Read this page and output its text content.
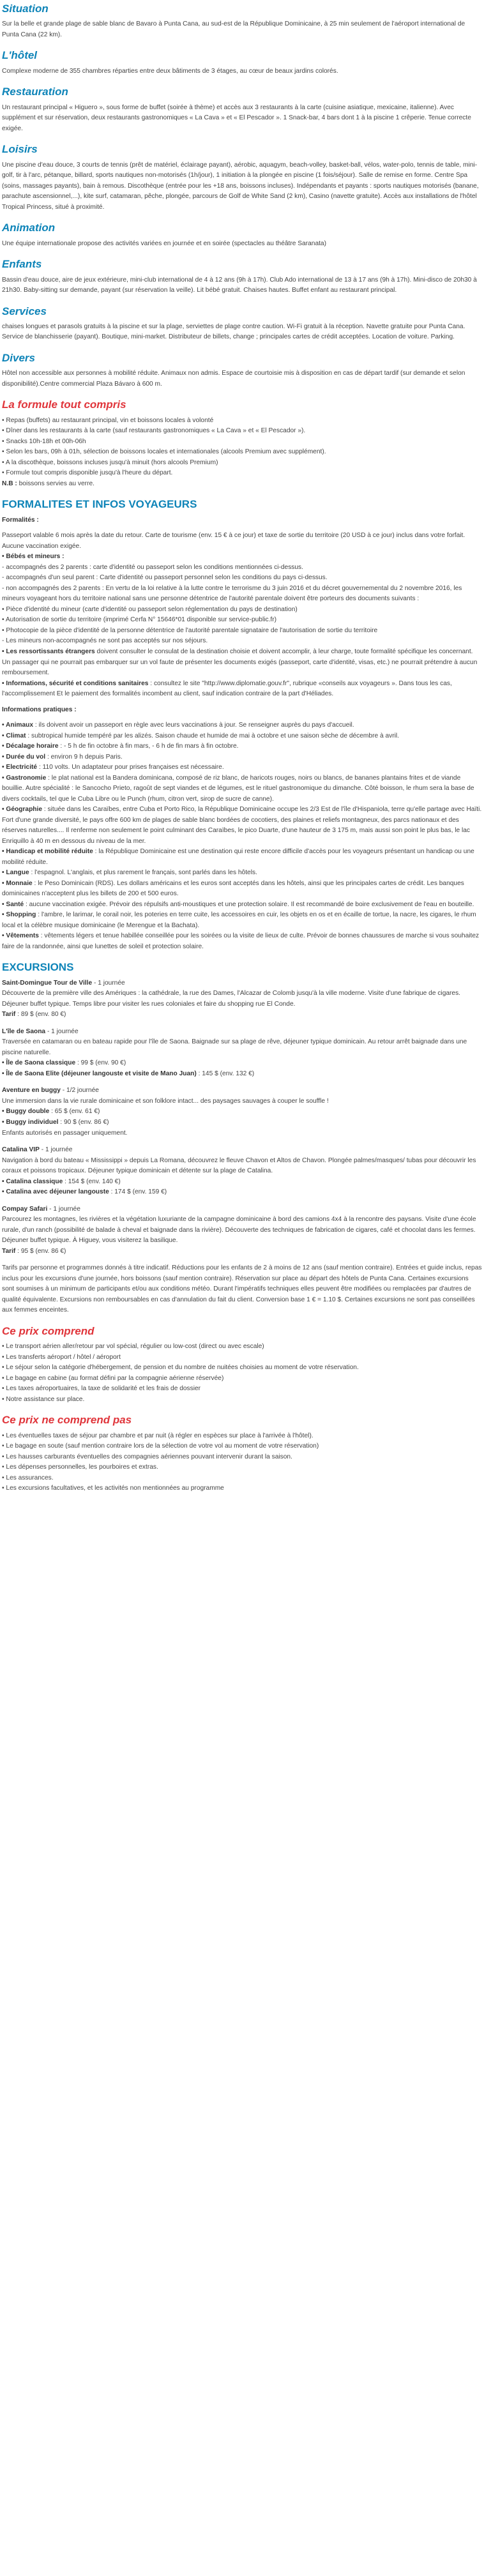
Situation

Sur la belle et grande plage de sable blanc de Bavaro à Punta Cana, au sud-est de la République Dominicaine, à 25 min seulement de l'aéroport international de Punta Cana (22 km).

L'hôtel

Complexe moderne de 355 chambres réparties entre deux bâtiments de 3 étages, au cœur de beaux jardins colorés.

Restauration

Un restaurant principal « Higuero », sous forme de buffet (soirée à thème) et accès aux 3 restaurants à la carte (cuisine asiatique, mexicaine, italienne). Avec supplément et sur réservation, deux restaurants gastronomiques « La Cava » et « El Pescador ». 1 Snack-bar, 4 bars dont 1 à la piscine 1 crêperie. Tenue correcte exigée.

Loisirs

Une piscine d'eau douce, 3 courts de tennis (prêt de matériel, éclairage payant), aérobic, aquagym, beach-volley, basket-ball, vélos, water-polo, tennis de table, mini-golf, tir à l'arc, pétanque, billard, sports nautiques non-motorisés (1h/jour), 1 initiation à la plongée en piscine (1 fois/séjour). Salle de remise en forme. Centre Spa (soins, massages payants), bain à remous. Discothèque (entrée pour les +18 ans, boissons incluses). Indépendants et payants : sports nautiques motorisés (banane, parachute ascensionnel,...), kite surf, catamaran, pêche, plongée, parcours de Golf de White Sand (2 km), Casino (navette gratuite). Accès aux installations de l'hôtel Tropical Princess, situé à proximité.

Animation

Une équipe internationale propose des activités variées en journée et en soirée (spectacles au théâtre Saranata)

Enfants

Bassin d'eau douce, aire de jeux extérieure, mini-club international de 4 à 12 ans (9h à 17h). Club Ado international de 13 à 17 ans (9h à 17h). Mini-disco de 20h30 à 21h30. Baby-sitting sur demande, payant (sur réservation la veille). Lit bébé gratuit. Chaises hautes. Buffet enfant au restaurant principal.

Services

chaises longues et parasols gratuits à la piscine et sur la plage, serviettes de plage contre caution. Wi-Fi gratuit à la réception. Navette gratuite pour Punta Cana. Service de blanchisserie (payant). Boutique, mini-market. Distributeur de billets, change ; principales cartes de crédit acceptées. Location de voiture. Parking.

Divers

Hôtel non accessible aux personnes à mobilité réduite. Animaux non admis. Espace de courtoisie mis à disposition en cas de départ tardif (sur demande et selon disponibilité).Centre commercial Plaza Bávaro à 600 m.

La formule tout compris
• Repas (buffets) au restaurant principal, vin et boissons locales à volonté
• Dîner dans les restaurants à la carte (sauf restaurants gastronomiques « La Cava » et « El Pescador »).
• Snacks 10h-18h et 00h-06h
• Selon les bars, 09h à 01h, sélection de boissons locales et internationales (alcools Premium avec supplément).
• A la discothèque, boissons incluses jusqu'à minuit (hors alcools Premium)
• Formule tout compris disponible jusqu'à l'heure du départ.

N.B : boissons servies au verre.

FORMALITES ET INFOS VOYAGEURS

Formalités :

Passeport valable 6 mois après la date du retour. Carte de tourisme (env. 15 € à ce jour) et taxe de sortie du territoire (20 USD à ce jour) inclus dans votre forfait. Aucune vaccination exigée.
• Bébés et mineurs :
- accompagnés des 2 parents : carte d'identité ou passeport selon les conditions mentionnées ci-dessus.
- accompagnés d'un seul parent : Carte d'identité ou passeport personnel selon les conditions du pays ci-dessus.
- non accompagnés des 2 parents : En vertu de la loi relative à la lutte contre le terrorisme du 3 juin 2016 et du décret gouvernemental du 2 novembre 2016, les mineurs voyageant hors du territoire national sans une personne détentrice de l'autorité parentale doivent être porteurs des documents suivants :
• Pièce d'identité du mineur (carte d'identité ou passeport selon réglementation du pays de destination)
• Autorisation de sortie du territoire (imprimé Cerfa N° 15646*01 disponible sur service-public.fr)
• Photocopie de la pièce d'identité de la personne détentrice de l'autorité parentale signataire de l'autorisation de sortie du territoire
- Les mineurs non-accompagnés ne sont pas acceptés sur nos séjours.
• Les ressortissants étrangers doivent consulter le consulat de la destination choisie et doivent accomplir, à leur charge, toute formalité spécifique les concernant. Un passager qui ne pourrait pas embarquer sur un vol faute de présenter les documents exigés (passeport, carte d'identité, visas, etc.) ne pourrait prétendre à aucun remboursement.
• Informations, sécurité et conditions sanitaires : consultez le site "http://www.diplomatie.gouv.fr", rubrique «conseils aux voyageurs ». Dans tous les cas, l'accomplissement Et le paiement des formalités incombent au client, sauf indication contraire de la part d'Héliades.

Informations pratiques :

• Animaux : ils doivent avoir un passeport en règle avec leurs vaccinations à jour. Se renseigner auprès du pays d'accueil.
• Climat : subtropical humide tempéré par les alizés. Saison chaude et humide de mai à octobre et une saison sèche de décembre à avril.
• Décalage horaire : - 5 h de fin octobre à fin mars, - 6 h de fin mars à fin octobre.
• Durée du vol : environ 9 h depuis Paris.
• Electricité : 110 volts. Un adaptateur pour prises françaises est nécessaire.
• Gastronomie : le plat national est la Bandera dominicana, composé de riz blanc, de haricots rouges, noirs ou blancs, de bananes plantains frites et de viande bouillie. Autre spécialité : le Sancocho Prieto, ragoût de sept viandes et de légumes, est le rituel gastronomique du dimanche. Côté boisson, le rhum sera la base de divers cocktails, tel que le Cuba Libre ou le Punch (rhum, citron vert, sirop de sucre de canne).
• Géographie : située dans les Caraïbes, entre Cuba et Porto Rico, la République Dominicaine occupe les 2/3 Est de l'île d'Hispaniola, terre qu'elle partage avec Haïti. Fort d'une grande diversité, le pays offre 600 km de plages de sable blanc bordées de cocotiers, des plaines et reliefs montagneux, des parcs nationaux et des réserves naturelles.... Il renferme non seulement le point culminant des Caraïbes, le pico Duarte, d'une hauteur de 3 175 m, mais aussi son point le plus bas, le lac Enriquillo à 40 m en dessous du niveau de la mer.
• Handicap et mobilité réduite : la République Dominicaine est une destination qui reste encore difficile d'accès pour les voyageurs présentant un handicap ou une mobilité réduite.
• Langue : l'espagnol. L'anglais, et plus rarement le français, sont parlés dans les hôtels.
• Monnaie : le Peso Dominicain (RDS). Les dollars américains et les euros sont acceptés dans les hôtels, ainsi que les principales cartes de crédit. Les banques dominicaines n'acceptent plus les billets de 200 et 500 euros.
• Santé : aucune vaccination exigée. Prévoir des répulsifs anti-moustiques et une protection solaire. Il est recommandé de boire exclusivement de l'eau en bouteille.
• Shopping : l'ambre, le larimar, le corail noir, les poteries en terre cuite, les accessoires en cuir, les objets en os et en écaille de tortue, la nacre, les cigares, le rhum local et la célèbre musique dominicaine (le Merengue et la Bachata).
• Vêtements : vêtements légers et tenue habillée conseillée pour les soirées ou la visite de lieux de culte. Prévoir de bonnes chaussures de marche si vous souhaitez faire de la randonnée, ainsi que lunettes de soleil et protection solaire.
EXCURSIONS
Saint-Domingue Tour de Ville - 1 journée
Découverte de la première ville des Amériques : la cathédrale, la rue des Dames, l'Alcazar de Colomb jusqu'à la ville moderne. Visite d'une fabrique de cigares. Déjeuner buffet typique. Temps libre pour visiter les rues coloniales et faire du shopping rue El Conde.
Tarif : 89 $ (env. 80 €)
L'île de Saona - 1 journée
Traversée en catamaran ou en bateau rapide pour l'île de Saona. Baignade sur sa plage de rêve, déjeuner typique dominicain. Au retour arrêt baignade dans une piscine naturelle.
• Île de Saona classique : 99 $ (env. 90 €)
• Île de Saona Elite (déjeuner langouste et visite de Mano Juan) : 145 $ (env. 132 €)
Aventure en buggy - 1/2 journée
Une immersion dans la vie rurale dominicaine et son folklore intact... des paysages sauvages à couper le souffle !
• Buggy double : 65 $ (env. 61 €)
• Buggy individuel : 90 $ (env. 86 €)
Enfants autorisés en passager uniquement.
Catalina VIP - 1 journée
Navigation à bord du bateau « Mississippi » depuis La Romana, découvrez le fleuve Chavon et Altos de Chavon. Plongée palmes/masques/ tubas pour découvrir les coraux et poissons tropicaux. Déjeuner typique dominicain et détente sur la plage de Catalina.
• Catalina classique : 154 $ (env. 140 €)
• Catalina avec déjeuner langouste : 174 $ (env. 159 €)
Compay Safari - 1 journée
Parcourez les montagnes, les rivières et la végétation luxuriante de la campagne dominicaine à bord des camions 4x4 à la rencontre des paysans. Visite d'une école rurale, d'un ranch (possibilité de balade à cheval et baignade dans la rivière). Découverte des techniques de fabrication de cigares, café et chocolat dans les fermes. Déjeuner buffet typique. À Higuey, vous visiterez la basilique.
Tarif : 95 $ (env. 86 €)

Tarifs par personne et programmes donnés à titre indicatif. Réductions pour les enfants de 2 à moins de 12 ans (sauf mention contraire). Entrées et guide inclus, repas inclus pour les excursions d'une journée, hors boissons (sauf mention contraire). Réservation sur place au départ des hôtels de Punta Cana. Certaines excursions sont soumises à un minimum de participants et/ou aux conditions météo. Durant l'impératifs techniques elles peuvent être modifiées ou remplacées par d'autres de qualité équivalente. Excursions non remboursables en cas d'annulation du fait du client. Conversion base 1 € = 1.10 $. Certaines excursions ne sont pas conseillées aux femmes enceintes.

Ce prix comprend
• Le transport aérien aller/retour par vol spécial, régulier ou low-cost (direct ou avec escale)
• Les transferts aéroport / hôtel / aéroport
• Le séjour selon la catégorie d'hébergement, de pension et du nombre de nuitées choisies au moment de votre réservation.
• Le bagage en cabine (au format défini par la compagnie aérienne réservée)
• Les taxes aéroportuaires, la taxe de solidarité et les frais de dossier
• Notre assistance sur place.
Ce prix ne comprend pas
• Les éventuelles taxes de séjour par chambre et par nuit (à régler en espèces sur place à l'arrivée à l'hôtel).
• Le bagage en soute (sauf mention contraire lors de la sélection de votre vol au moment de votre réservation)
• Les hausses carburants éventuelles des compagnies aériennes pouvant intervenir durant la saison.
• Les dépenses personnelles, les pourboires et extras.
• Les assurances.
• Les excursions facultatives, et les activités non mentionnées au programme
